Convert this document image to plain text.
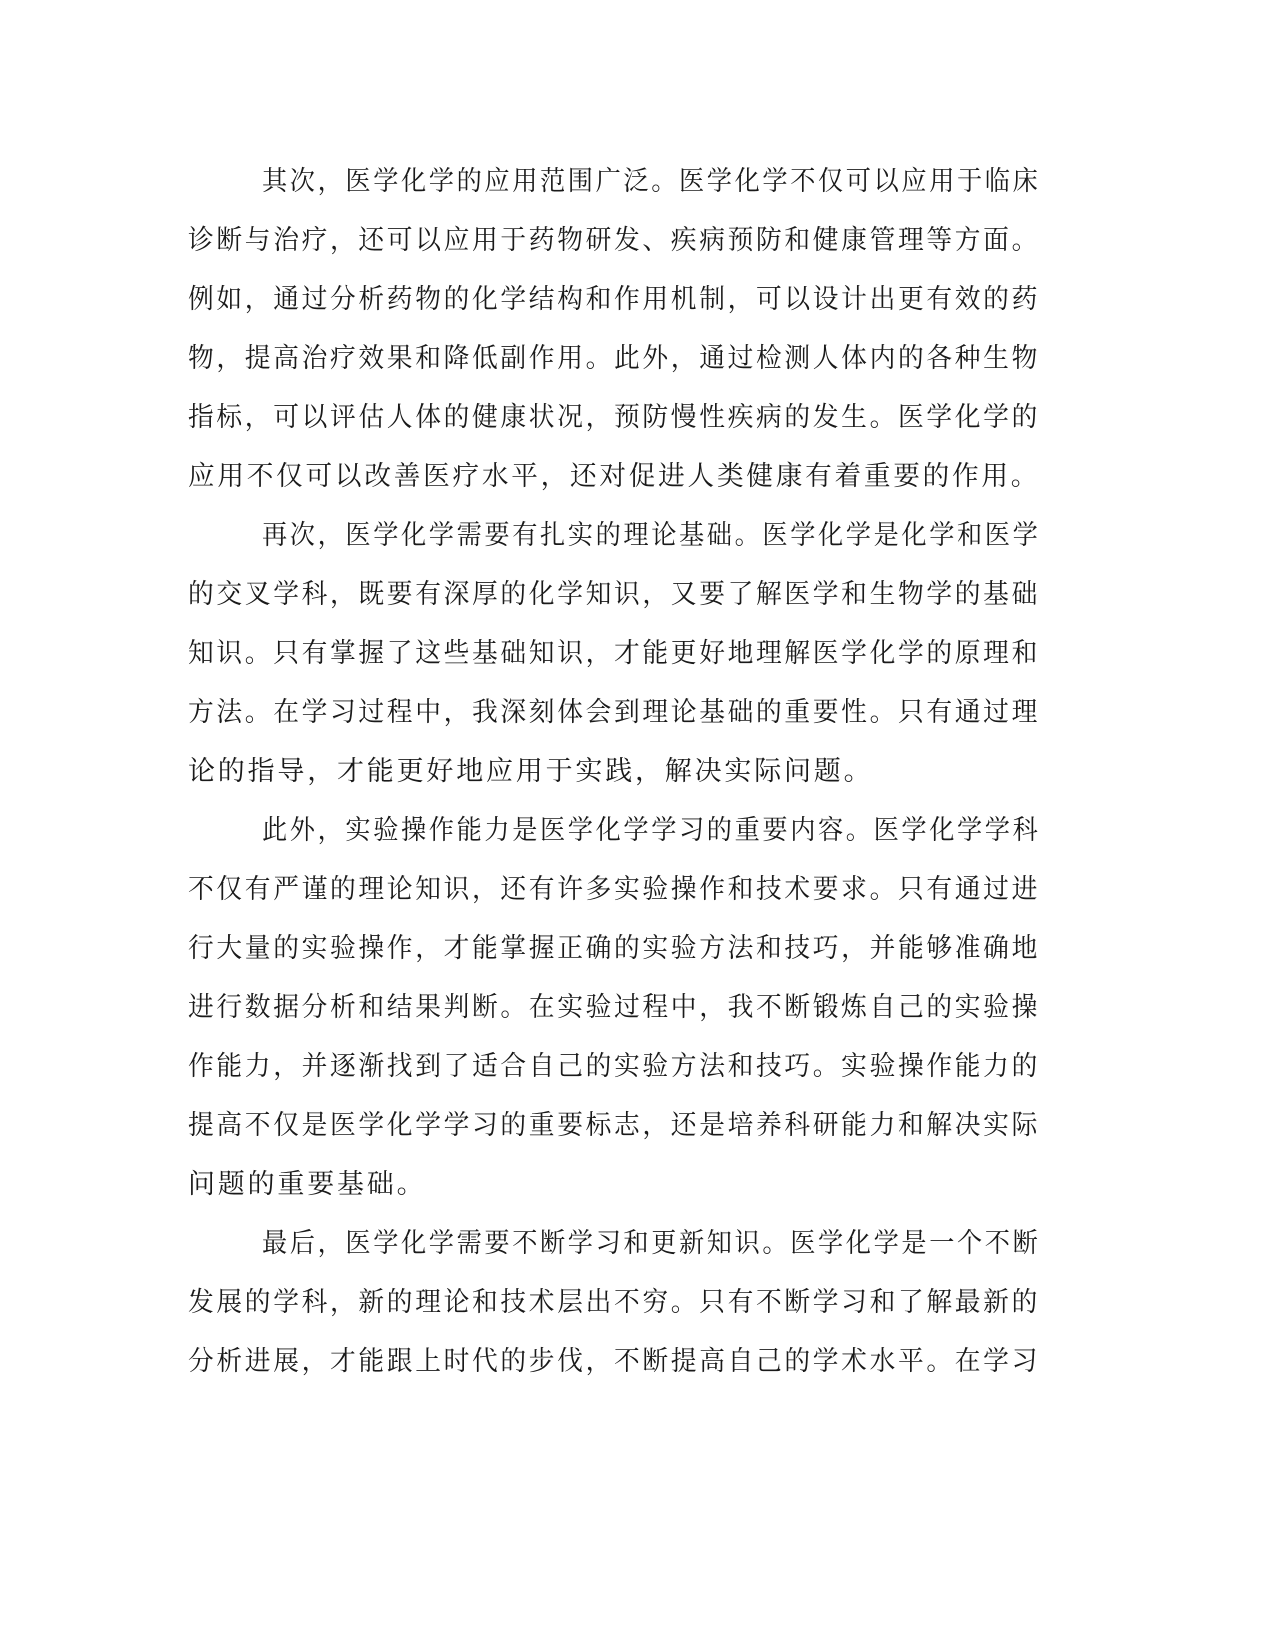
其次，医学化学的应用范围广泛。医学化学不仅可以应用于临床

诊断与治疗，还可以应用于药物研发、疾病预防和健康管理等方面。

例如，通过分析药物的化学结构和作用机制，可以设计出更有效的药

物，提高治疗效果和降低副作用。此外，通过检测人体内的各种生物

指标，可以评估人体的健康状况，预防慢性疾病的发生。医学化学的

应用不仅可以改善医疗水平，还对促进人类健康有着重要的作用。

再次，医学化学需要有扎实的理论基础。医学化学是化学和医学

的交叉学科，既要有深厚的化学知识，又要了解医学和生物学的基础

知识。只有掌握了这些基础知识，才能更好地理解医学化学的原理和

方法。在学习过程中，我深刻体会到理论基础的重要性。只有通过理

论的指导，才能更好地应用于实践，解决实际问题。

此外，实验操作能力是医学化学学习的重要内容。医学化学学科

不仅有严谨的理论知识，还有许多实验操作和技术要求。只有通过进

行大量的实验操作，才能掌握正确的实验方法和技巧，并能够准确地

进行数据分析和结果判断。在实验过程中，我不断锻炼自己的实验操

作能力，并逐渐找到了适合自己的实验方法和技巧。实验操作能力的

提高不仅是医学化学学习的重要标志，还是培养科研能力和解决实际

问题的重要基础。

最后，医学化学需要不断学习和更新知识。医学化学是一个不断

发展的学科，新的理论和技术层出不穷。只有不断学习和了解最新的

分析进展，才能跟上时代的步伐，不断提高自己的学术水平。在学习
